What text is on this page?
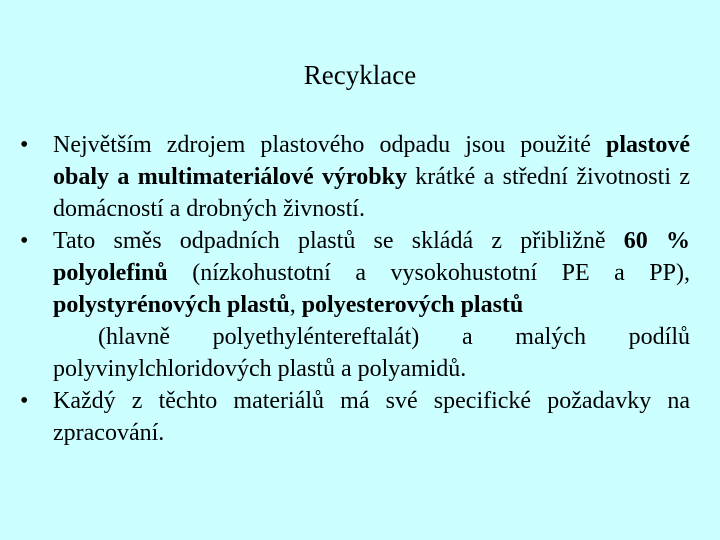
Recyklace
• Největším zdrojem plastového odpadu jsou použité plastové obaly a multimateriálové výrobky krátké a střední životnosti z domácností a drobných živností.
• Tato směs odpadních plastů se skládá z přibližně 60 % polyolefinů (nízkohustotní a vysokohustotní PE a PP), polystyrénových plastů, polyesterových plastů
(hlavně polyethyléntereftalát) a malých podílů polyvinylchloridových plastů a polyamidů.
• Každý z těchto materiálů má své specifické požadavky na zpracování.
